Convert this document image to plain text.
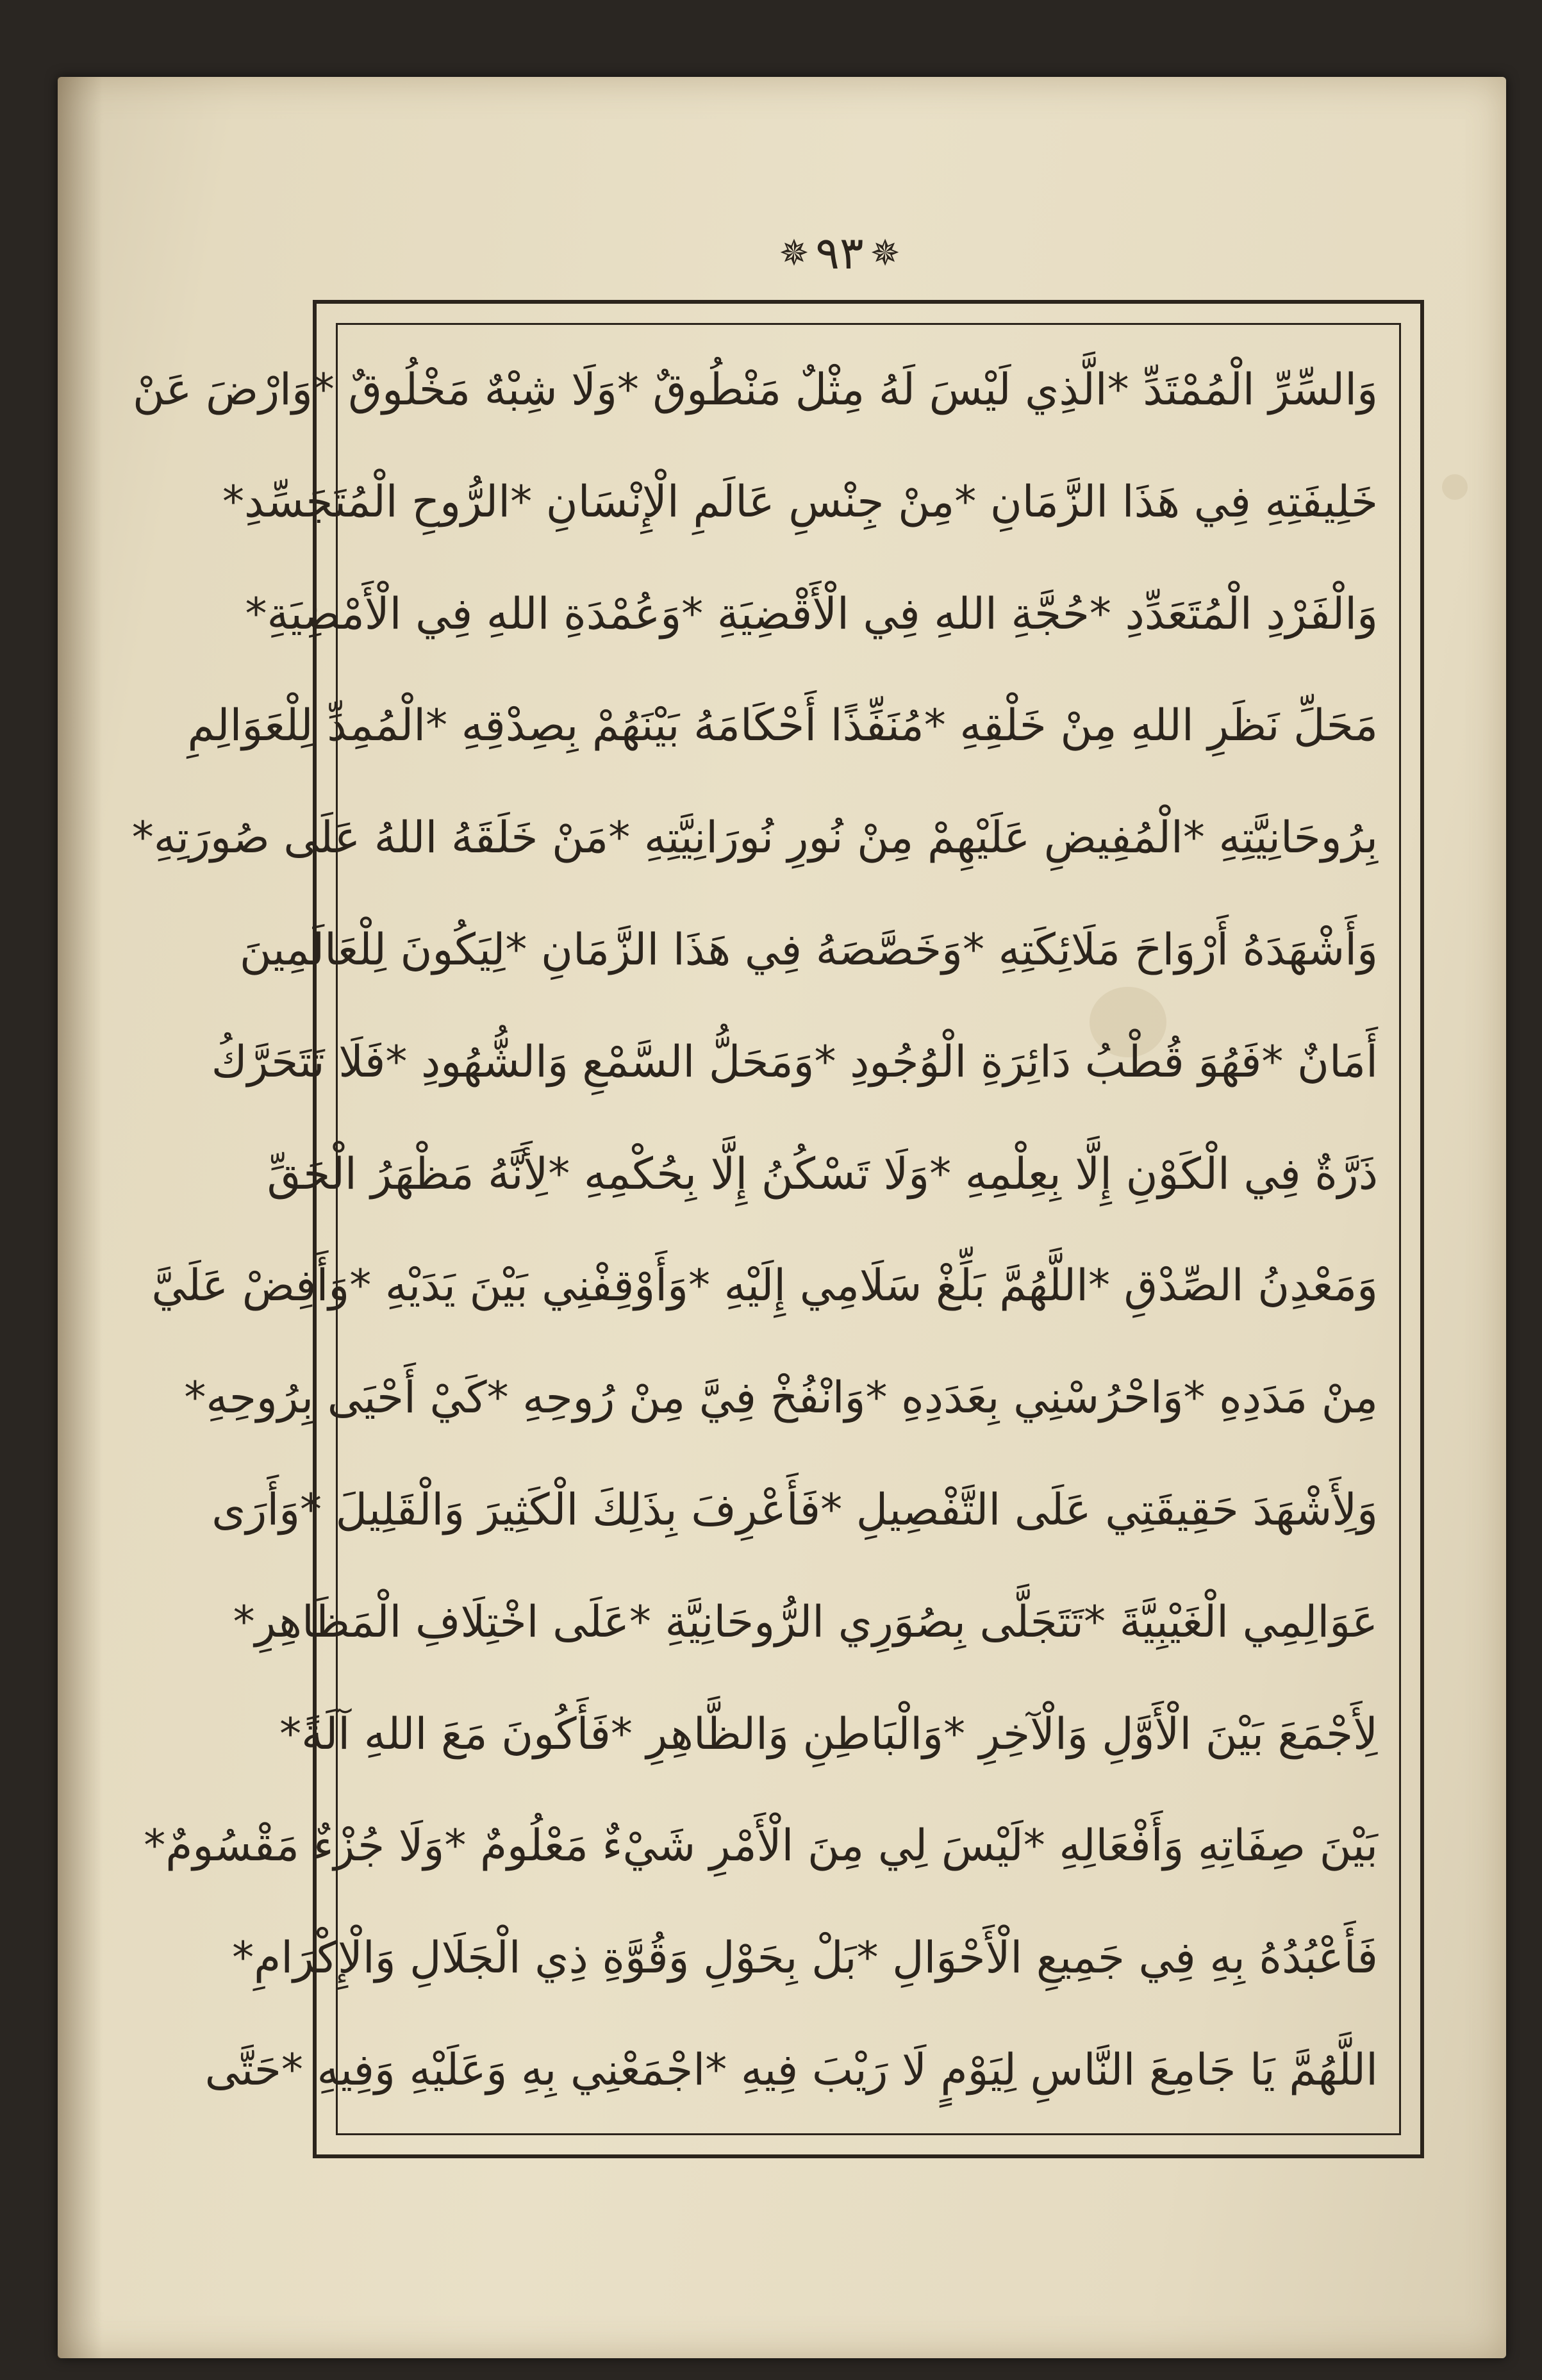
✵
٩٣
✵
وَالسِّرِّ الْمُمْتَدِّ *الَّذِي لَيْسَ لَهُ مِثْلٌ مَنْطُوقٌ *وَلَا شِبْهٌ مَخْلُوقٌ *وَارْضَ عَنْ
خَلِيفَتِهِ فِي هَذَا الزَّمَانِ *مِنْ جِنْسِ عَالَمِ الْإِنْسَانِ *الرُّوحِ الْمُتَجَسِّدِ*
وَالْفَرْدِ الْمُتَعَدِّدِ *حُجَّةِ اللهِ فِي الْأَقْضِيَةِ *وَعُمْدَةِ اللهِ فِي الْأَمْضِيَةِ*
مَحَلِّ نَظَرِ اللهِ مِنْ خَلْقِهِ *مُنَفِّذًا أَحْكَامَهُ بَيْنَهُمْ بِصِدْقِهِ *الْمُمِدِّ لِلْعَوَالِمِ
بِرُوحَانِيَّتِهِ *الْمُفِيضِ عَلَيْهِمْ مِنْ نُورِ نُورَانِيَّتِهِ *مَنْ خَلَقَهُ اللهُ عَلَى صُورَتِهِ*
وَأَشْهَدَهُ أَرْوَاحَ مَلَائِكَتِهِ *وَخَصَّصَهُ فِي هَذَا الزَّمَانِ *لِيَكُونَ لِلْعَالَمِينَ
أَمَانٌ *فَهُوَ قُطْبُ دَائِرَةِ الْوُجُودِ *وَمَحَلُّ السَّمْعِ وَالشُّهُودِ *فَلَا تَتَحَرَّكُ
ذَرَّةٌ فِي الْكَوْنِ إِلَّا بِعِلْمِهِ *وَلَا تَسْكُنُ إِلَّا بِحُكْمِهِ *لِأَنَّهُ مَظْهَرُ الْحَقِّ
وَمَعْدِنُ الصِّدْقِ *اللَّهُمَّ بَلِّغْ سَلَامِي إِلَيْهِ *وَأَوْقِفْنِي بَيْنَ يَدَيْهِ *وَأَفِضْ عَلَيَّ
مِنْ مَدَدِهِ *وَاحْرُسْنِي بِعَدَدِهِ *وَانْفُخْ فِيَّ مِنْ رُوحِهِ *كَيْ أَحْيَى بِرُوحِهِ*
وَلِأَشْهَدَ حَقِيقَتِي عَلَى التَّفْصِيلِ *فَأَعْرِفَ بِذَلِكَ الْكَثِيرَ وَالْقَلِيلَ *وَأَرَى
عَوَالِمِي الْغَيْبِيَّةَ *تَتَجَلَّى بِصُوَرِي الرُّوحَانِيَّةِ *عَلَى اخْتِلَافِ الْمَظَاهِرِ*
لِأَجْمَعَ بَيْنَ الْأَوَّلِ وَالْآخِرِ *وَالْبَاطِنِ وَالظَّاهِرِ *فَأَكُونَ مَعَ اللهِ آلَةً*
بَيْنَ صِفَاتِهِ وَأَفْعَالِهِ *لَيْسَ لِي مِنَ الْأَمْرِ شَيْءٌ مَعْلُومٌ *وَلَا جُزْءٌ مَقْسُومٌ*
فَأَعْبُدُهُ بِهِ فِي جَمِيعِ الْأَحْوَالِ *بَلْ بِحَوْلِ وَقُوَّةِ ذِي الْجَلَالِ وَالْإِكْرَامِ*
اللَّهُمَّ يَا جَامِعَ النَّاسِ لِيَوْمٍ لَا رَيْبَ فِيهِ *اجْمَعْنِي بِهِ وَعَلَيْهِ وَفِيهِ *حَتَّى
